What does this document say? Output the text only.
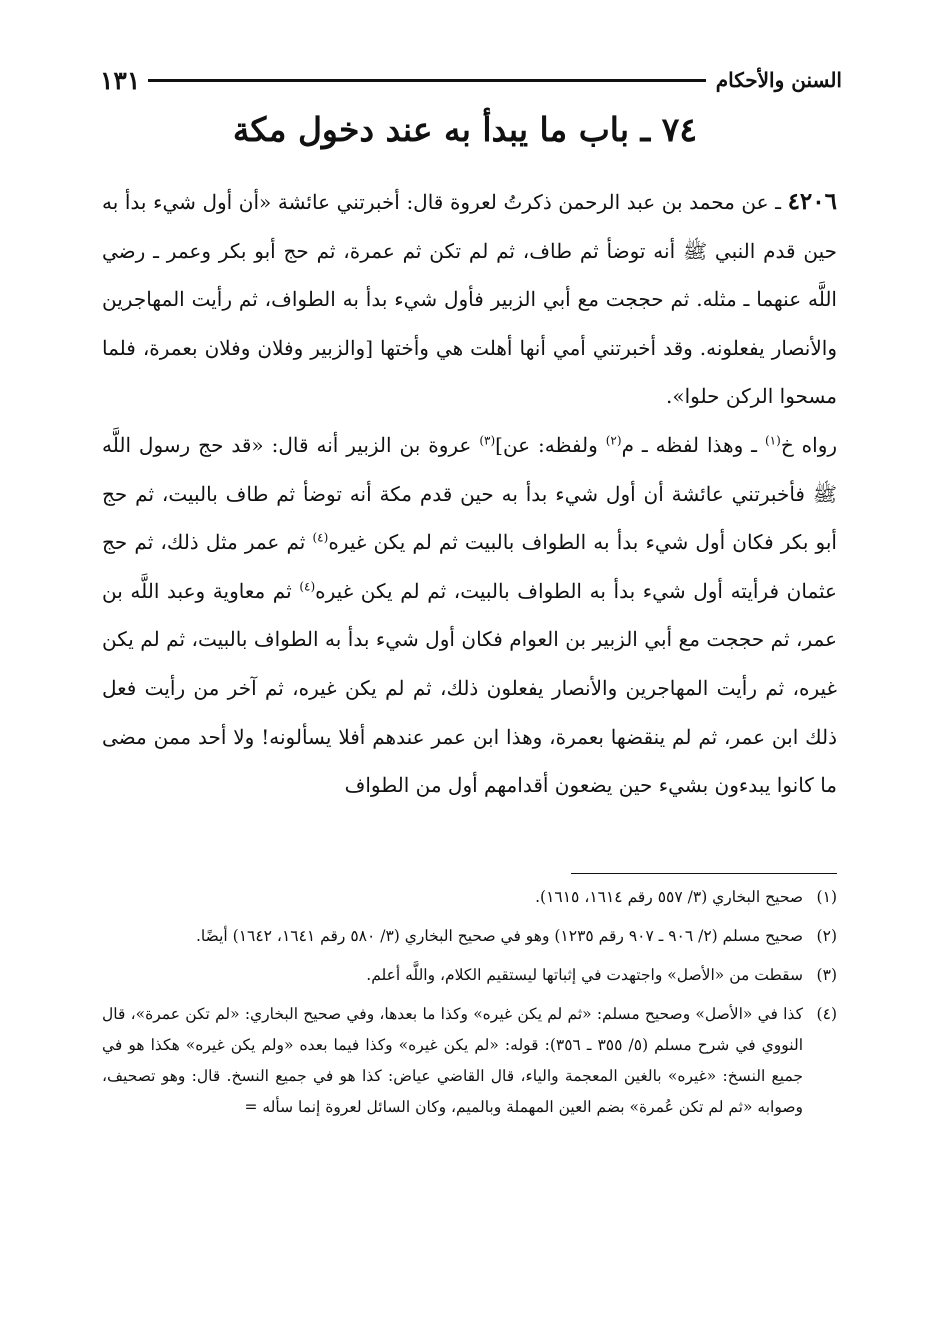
١٣١	السنن والأحكام
٧٤ ـ باب ما يبدأ به عند دخول مكة

٤٢٠٦ ـ عن محمد بن عبد الرحمن ذكرتُ لعروة قال: أخبرتني عائشة «أن أول شيء بدأ به حين قدم النبي ﷺ أنه توضأ ثم طاف، ثم لم تكن ثم عمرة، ثم حج أبو بكر وعمر ـ رضي اللَّه عنهما ـ مثله. ثم حججت مع أبي الزبير فأول شيء بدأ به الطواف، ثم رأيت المهاجرين والأنصار يفعلونه. وقد أخبرتني أمي أنها أهلت هي وأختها [والزبير وفلان وفلان بعمرة، فلما مسحوا الركن حلوا».

رواه خ$^{(١)}$ ـ وهذا لفظه ـ م$^{(٢)}$ ولفظه: عن]$^{(٣)}$ عروة بن الزبير أنه قال: «قد حج رسول اللَّه ﷺ فأخبرتني عائشة أن أول شيء بدأ به حين قدم مكة أنه توضأ ثم طاف بالبيت، ثم حج أبو بكر فكان أول شيء بدأ به الطواف بالبيت ثم لم يكن غيره$^{(٤)}$ ثم عمر مثل ذلك، ثم حج عثمان فرأيته أول شيء بدأ به الطواف بالبيت، ثم لم يكن غيره$^{(٤)}$ ثم معاوية وعبد اللَّه بن عمر، ثم حججت مع أبي الزبير بن العوام فكان أول شيء بدأ به الطواف بالبيت، ثم لم يكن غيره، ثم رأيت المهاجرين والأنصار يفعلون ذلك، ثم لم يكن غيره، ثم آخر من رأيت فعل ذلك ابن عمر، ثم لم ينقضها بعمرة، وهذا ابن عمر عندهم أفلا يسألونه! ولا أحد ممن مضى ما كانوا يبدءون بشيء حين يضعون أقدامهم أول من الطواف

(١)
صحيح البخاري (٣/ ٥٥٧ رقم ١٦١٤، ١٦١٥).
(٢)
صحيح مسلم (٢/ ٩٠٦ ـ ٩٠٧ رقم ١٢٣٥) وهو في صحيح البخاري (٣/ ٥٨٠ رقم ١٦٤١، ١٦٤٢) أيضًا.
(٣)
سقطت من «الأصل» واجتهدت في إثباتها ليستقيم الكلام، واللَّه أعلم.
(٤)
كذا في «الأصل» وصحيح مسلم: «ثم لم يكن غيره» وكذا ما بعدها، وفي صحيح البخاري: «لم تكن عمرة»، قال النووي في شرح مسلم (٥/ ٣٥٥ ـ ٣٥٦): قوله: «لم يكن غيره» وكذا فيما بعده «ولم يكن غيره» هكذا هو في جميع النسخ: «غيره» بالغين المعجمة والياء، قال القاضي عياض: كذا هو في جميع النسخ. قال: وهو تصحيف، وصوابه «ثم لم تكن عُمرة» بضم العين المهملة وبالميم، وكان السائل لعروة إنما سأله =
